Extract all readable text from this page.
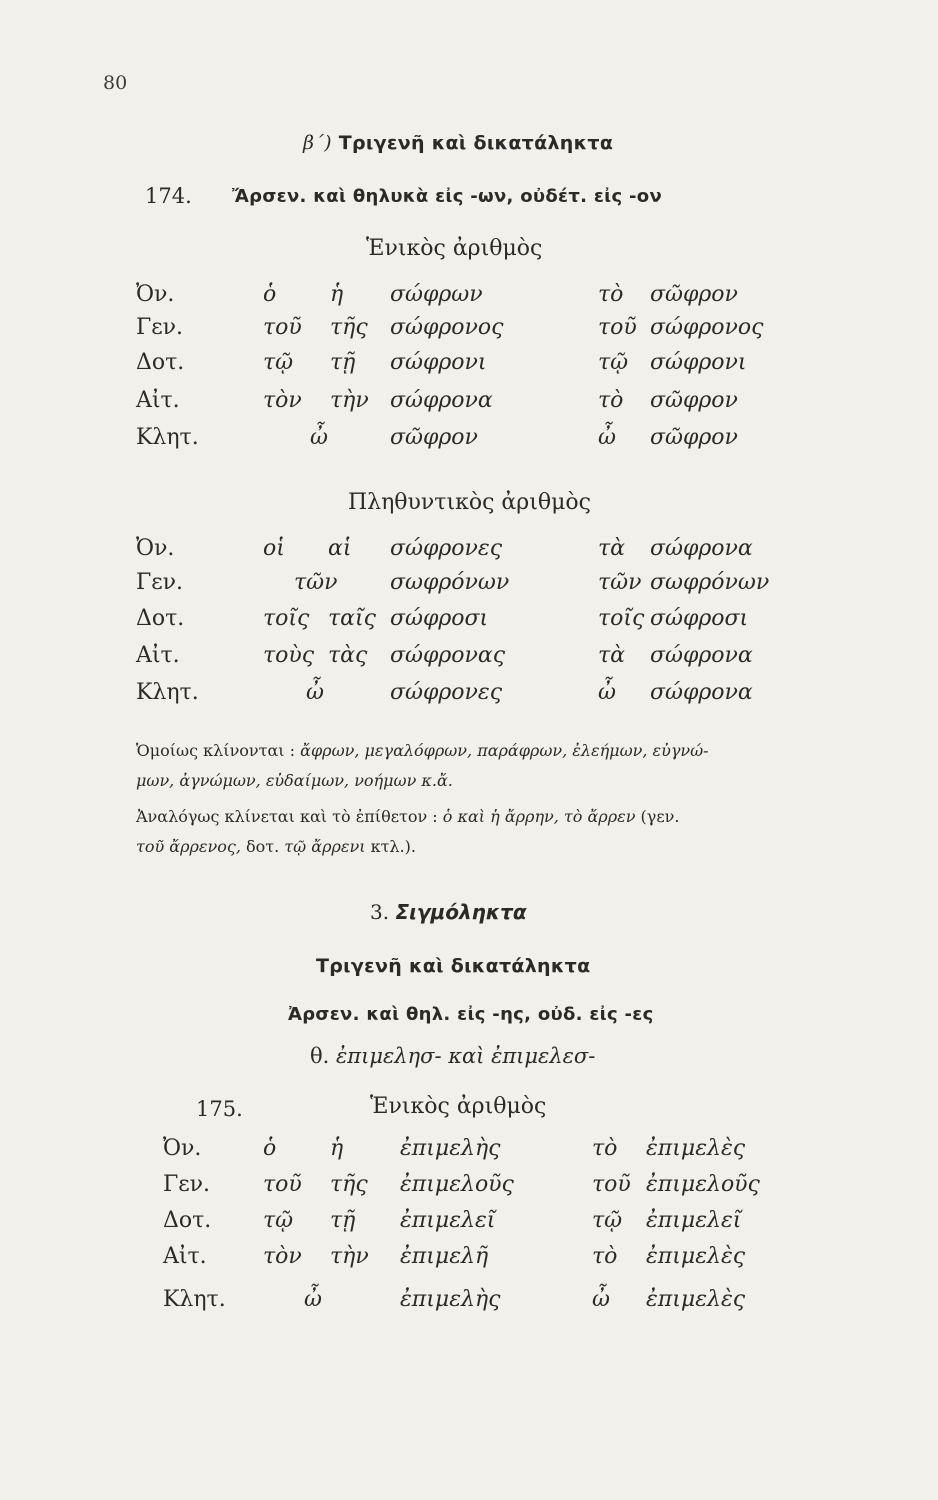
80
β΄) Τριγενῆ καὶ δικατάληκτα
174. Ἄρσεν. καὶ θηλυκὰ εἰς -ων, οὐδέτ. εἰς -ον
Ἑνικὸς ἀριθμὸς
Ὀν.	ὁ ἡ σώφρων	τὸ σῶφρον
Γεν.	τοῦ τῆς σώφρονος	τοῦ σώφρονος
Δοτ.	τῷ τῇ σώφρονι	τῷ σώφρονι
Αἰτ.	τὸν τὴν σώφρονα	τὸ σῶφρον
Κλητ.	ὦ	σῶφρον	ὦ σῶφρον
Πληθυντικὸς ἀριθμὸς
Ὀν.	οἱ αἱ σώφρονες	τὰ σώφρονα
Γεν.	τῶν σωφρόνων	τῶν σωφρόνων
Δοτ.	τοῖς ταῖς σώφροσι	τοῖς σώφροσι
Αἰτ.	τοὺς τὰς σώφρονας	τὰ σώφρονα
Κλητ.	ὦ	σώφρονες	ὦ σώφρονα
Ὁμοίως κλίνονται : ἄφρων, μεγαλόφρων, παράφρων, ἐλεήμων, εὐγνώ-
μων, ἀγνώμων, εὐδαίμων, νοήμων κ.ἄ.
Ἀναλόγως κλίνεται καὶ τὸ ἐπίθετον : ὁ καὶ ἡ ἄρρην, τὸ ἄρρεν (γεν.
τοῦ ἄρρενος, δοτ. τῷ ἄρρενι κτλ.).
3. Σιγμόληκτα
Τριγενῆ καὶ δικατάληκτα
Ἀρσεν. καὶ θηλ. εἰς -ης, οὐδ. εἰς -ες
θ. ἐπιμελησ- καὶ ἐπιμελεσ-
175.	Ἑνικὸς ἀριθμὸς
Ὀν.	ὁ ἡ	ἐπιμελὴς	τὸ ἐπιμελὲς
Γεν. τοῦ τῆς ἐπιμελοῦς	τοῦ ἐπιμελοῦς
Δοτ. τῷ τῇ ἐπιμελεῖ	τῷ ἐπιμελεῖ
Αἰτ.	τὸν τὴν ἐπιμελῆ	τὸ ἐπιμελὲς
Κλητ.	ὦ	ἐπιμελὴς	ὦ ἐπιμελὲς
